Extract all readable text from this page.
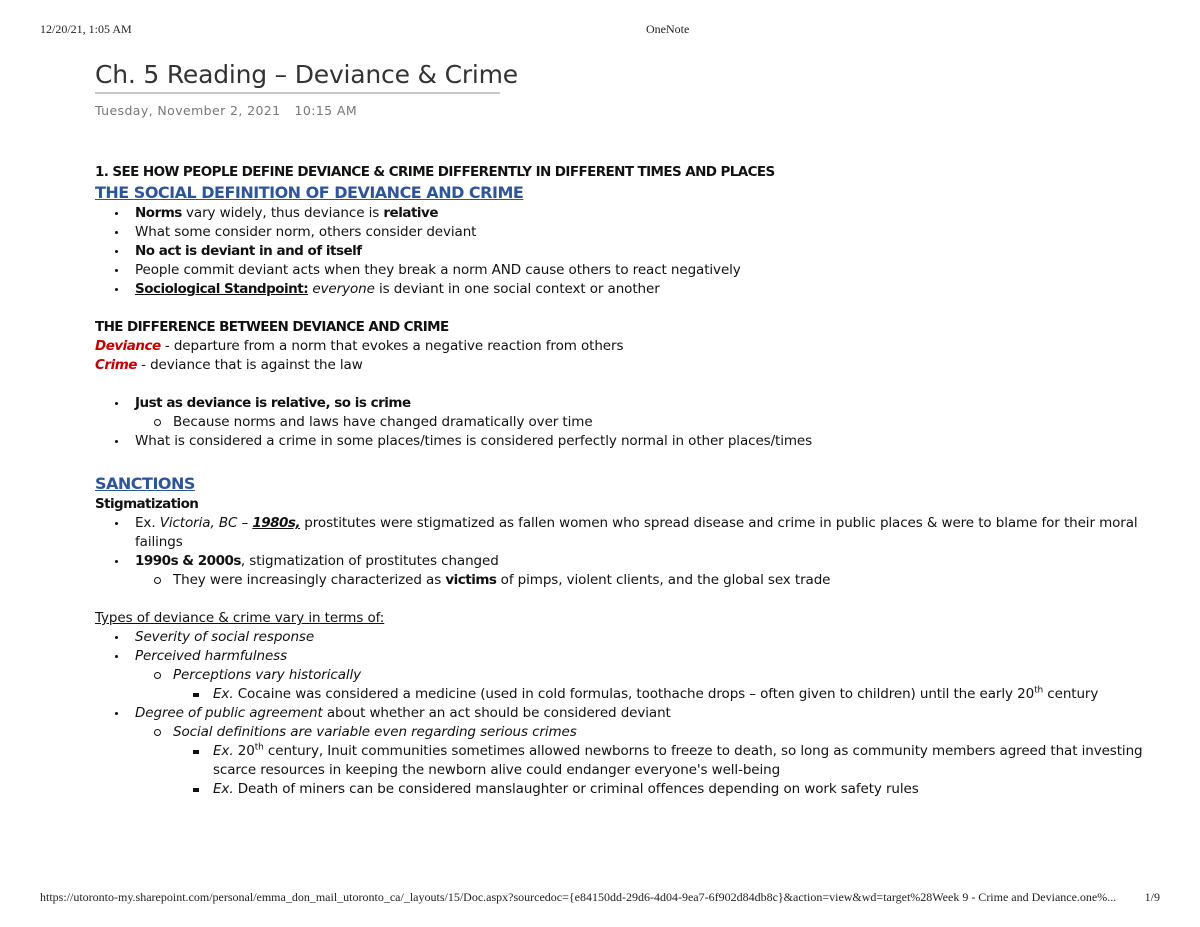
12/20/21, 1:05 AM	OneNote
Ch. 5 Reading – Deviance & Crime
Tuesday, November 2, 2021 10:15 AM
1. SEE HOW PEOPLE DEFINE DEVIANCE & CRIME DIFFERENTLY IN DIFFERENT TIMES AND PLACES
THE SOCIAL DEFINITION OF DEVIANCE AND CRIME
Norms vary widely, thus deviance is relative
What some consider norm, others consider deviant
No act is deviant in and of itself
People commit deviant acts when they break a norm AND cause others to react negatively
Sociological Standpoint: everyone is deviant in one social context or another
THE DIFFERENCE BETWEEN DEVIANCE AND CRIME
Deviance - departure from a norm that evokes a negative reaction from others
Crime - deviance that is against the law
Just as deviance is relative, so is crime
Because norms and laws have changed dramatically over time
What is considered a crime in some places/times is considered perfectly normal in other places/times
SANCTIONS
Stigmatization
Ex. Victoria, BC – 1980s, prostitutes were stigmatized as fallen women who spread disease and crime in public places & were to blame for their moral failings
1990s & 2000s, stigmatization of prostitutes changed
They were increasingly characterized as victims of pimps, violent clients, and the global sex trade
Types of deviance & crime vary in terms of:
Severity of social response
Perceived harmfulness
Perceptions vary historically
Ex. Cocaine was considered a medicine (used in cold formulas, toothache drops – often given to children) until the early 20th century
Degree of public agreement about whether an act should be considered deviant
Social definitions are variable even regarding serious crimes
Ex. 20th century, Inuit communities sometimes allowed newborns to freeze to death, so long as community members agreed that investing scarce resources in keeping the newborn alive could endanger everyone's well-being
Ex. Death of miners can be considered manslaughter or criminal offences depending on work safety rules
https://utoronto-my.sharepoint.com/personal/emma_don_mail_utoronto_ca/_layouts/15/Doc.aspx?sourcedoc={e84150dd-29d6-4d04-9ea7-6f902d84db8c}&action=view&wd=target%28Week 9 - Crime and Deviance.one%...	1/9
